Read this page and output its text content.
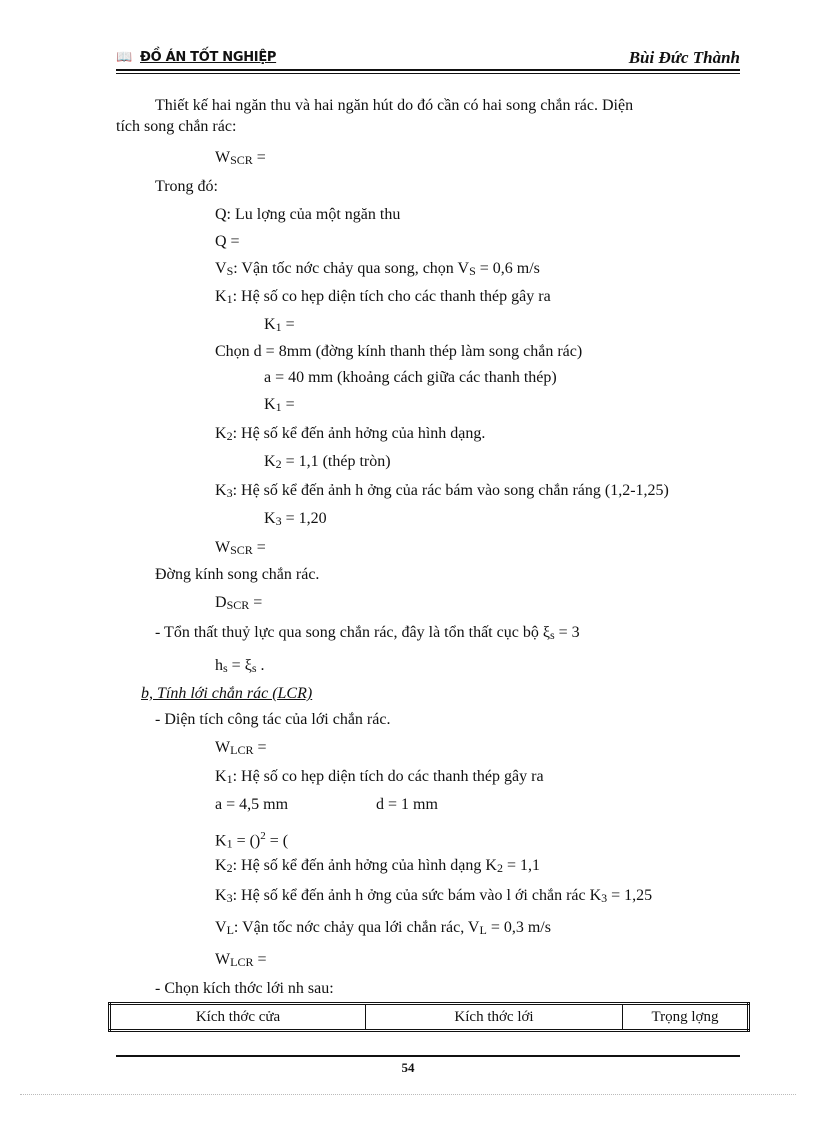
📖 ĐỒ ÁN TỐT NGHIỆP	Bùi Đức Thành
Thiết kế hai ngăn thu và hai ngăn hút do đó cần có hai song chắn rác. Diện
tích song chắn rác:
$W_{SCR}$ =
Trong đó:
Q: Lu lợng của một ngăn thu
Q =
$V_S$: Vận tốc nớc chảy qua song, chọn $V_S = 0,6$ m/s
$K_1$: Hệ số co hẹp diện tích cho các thanh thép gây ra
$K_1$ =
Chọn d = 8mm (đờng kính thanh thép làm song chắn rác)
a = 40 mm (khoảng cách giữa các thanh thép)
$K_1$ =
$K_2$: Hệ số kể đến ảnh hởng của hình dạng.
$K_2 = 1,1$ (thép tròn)
$K_3$: Hệ số kể đến ảnh h ởng của rác bám vào song chắn ráng (1,2-1,25)
$K_3 = 1,20$
$W_{SCR}$ =
Đờng kính song chắn rác.
$D_{SCR}$ =
- Tổn thất thuỷ lực qua song chắn rác, đây là tổn thất cục bộ $\xi_s = 3$
$h_s = \xi_s$ .
b, Tính lới chắn rác (LCR)
- Diện tích công tác của lới chắn rác.
$W_{LCR}$ =
$K_1$: Hệ số co hẹp diện tích do các thanh thép gây ra
a = 4,5 mm	d = 1 mm
$K_1 = ()^2$ = (
$K_2$: Hệ số kể đến ảnh hởng của hình dạng $K_2 = 1,1$
$K_3$: Hệ số kể đến ảnh h ởng của sức bám vào l ới chắn rác $K_3 = 1,25$
$V_L$: Vận tốc nớc chảy qua lới chắn rác, $V_L = 0,3$ m/s
$W_{LCR}$ =
- Chọn kích thớc lới nh sau:
Kích thớc cửa	Kích thớc lới	Trọng lợng
54
